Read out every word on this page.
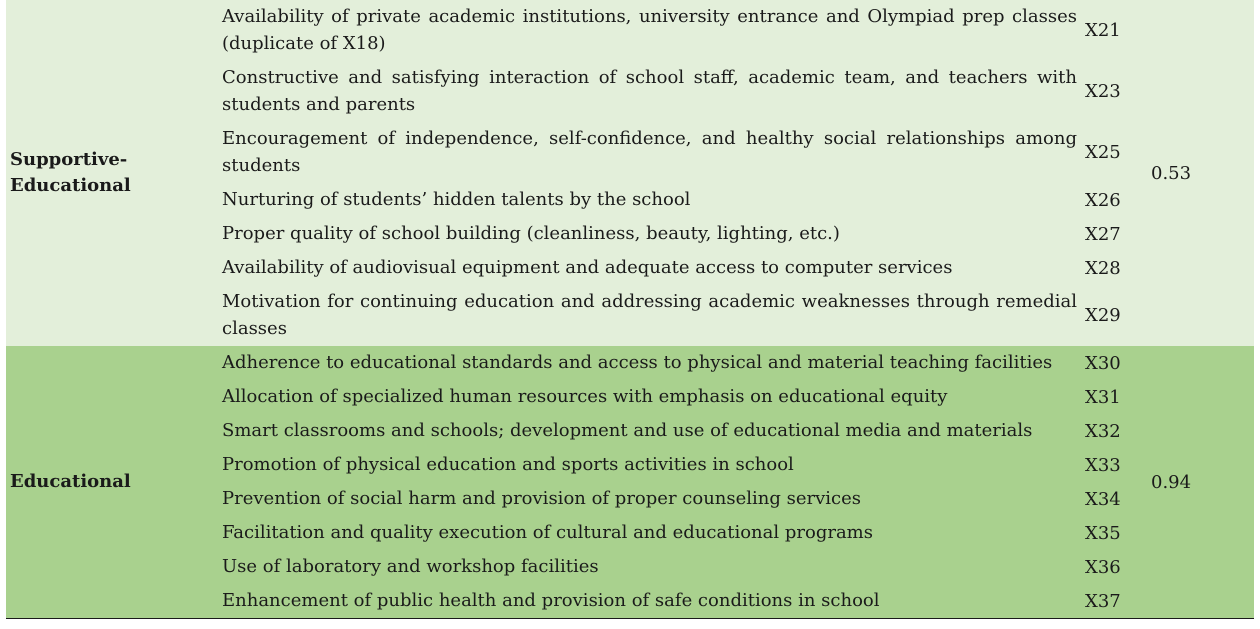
Supportive-
Educational	Availability of private academic institutions, university entrance and Olympiad prep classes (duplicate of X18)	X21	0.53
	Constructive and satisfying interaction of school staff, academic team, and teachers with students and parents	X23	
	Encouragement of independence, self-confidence, and healthy social relationships among students	X25	
	Nurturing of students’ hidden talents by the school	X26	
	Proper quality of school building (cleanliness, beauty, lighting, etc.)	X27	
	Availability of audiovisual equipment and adequate access to computer services	X28	
	Motivation for continuing education and addressing academic weaknesses through remedial classes	X29	
Educational	Adherence to educational standards and access to physical and material teaching facilities	X30	0.94
	Allocation of specialized human resources with emphasis on educational equity	X31	
	Smart classrooms and schools; development and use of educational media and materials	X32	
	Promotion of physical education and sports activities in school	X33	
	Prevention of social harm and provision of proper counseling services	X34	
	Facilitation and quality execution of cultural and educational programs	X35	
	Use of laboratory and workshop facilities	X36	
	Enhancement of public health and provision of safe conditions in school	X37	
